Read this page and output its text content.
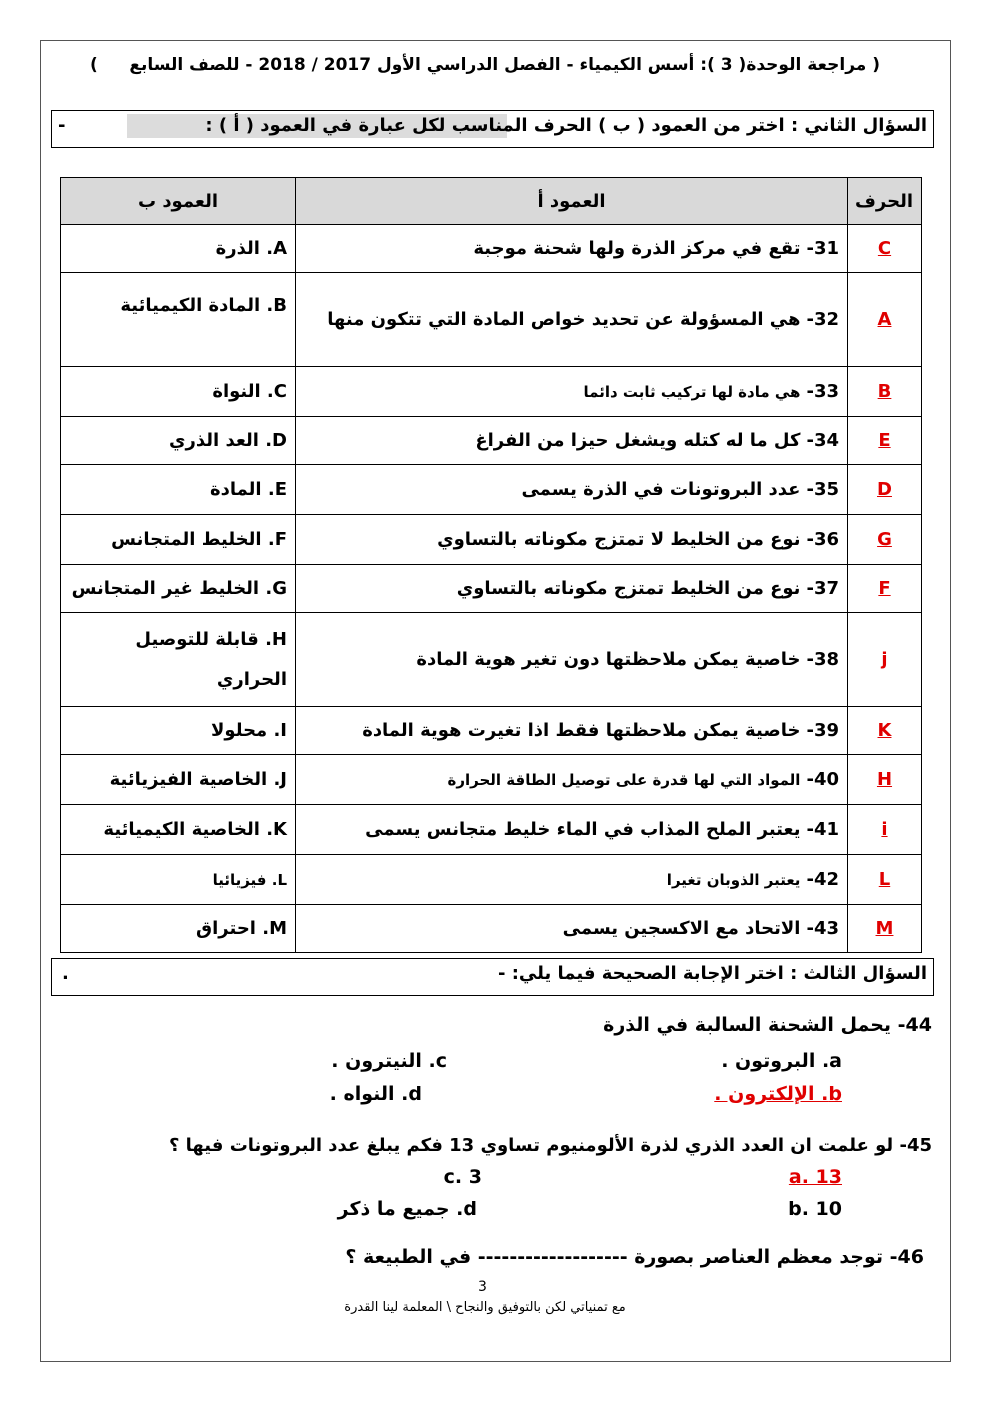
( مراجعة الوحدة( 3 ): أسس الكيمياء - الفصل الدراسي الأول 2017 / 2018 - للصف السابع
)
السؤال الثاني : اختر من العمود ( ب ) الحرف المناسب لكل عبارة في العمود ( أ ) :
-
الحرف	العمود أ	العمود ب
C	31-تقع في مركز الذرة ولها شحنة موجبة	A. الذرة
A	32-هي المسؤولة عن تحديد خواص المادة التي تتكون منها	B. المادة الكيميائية
B	33-هي مادة لها تركيب ثابت دائما	C. النواة
E	34-كل ما له كتله ويشغل حيزا من الفراغ	D. العد الذري
D	35-عدد البروتونات في الذرة يسمى	E. المادة
G	36-نوع من الخليط لا تمتزج مكوناته بالتساوي	F. الخليط المتجانس
F	37-نوع من الخليط تمتزج مكوناته بالتساوي	G. الخليط غير المتجانس
j	38-خاصية يمكن ملاحظتها دون تغير هوية المادة	H. قابلة للتوصيل الحراري
K	39-خاصية يمكن ملاحظتها فقط اذا تغيرت هوية المادة	I. محلولا
H	40-المواد التي لها قدرة على توصيل الطاقة الحرارة	J. الخاصية الفيزيائية
i	41-يعتبر الملح المذاب في الماء خليط متجانس يسمى	K. الخاصية الكيميائية
L	42-يعتبر الذوبان تغيرا	L. فيزيائيا
M	43-الاتحاد مع الاكسجين يسمى	M. احتراق
السؤال الثالث : اختر الإجابة الصحيحة فيما يلي: -
.
44- يحمل الشحنة السالبة في الذرة
a. البروتون .
c. النيترون .
b. الإلكترون .
d. النواه .
45- لو علمت ان العدد الذري لذرة الألومنيوم تساوي 13 فكم يبلغ عدد البروتونات فيها ؟
a. 13
c. 3
b. 10
d. جميع ما ذكر
46- توجد معظم العناصر بصورة ------------------- في الطبيعة ؟
3
مع تمنياتي لكن بالتوفيق والنجاح \ المعلمة لينا القدرة
